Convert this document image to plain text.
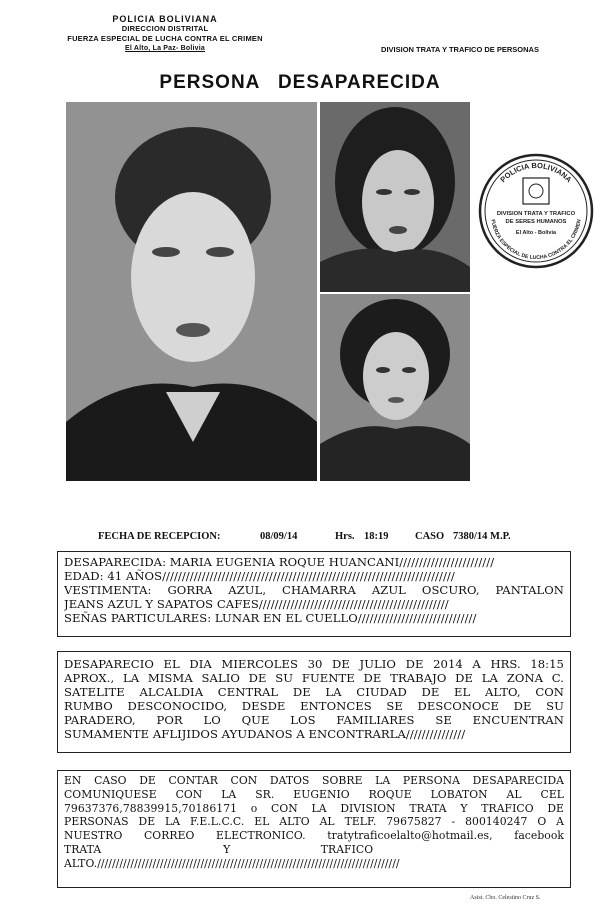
POLICIA BOLIVIANA
DIRECCION DISTRITAL
FUERZA ESPECIAL DE LUCHA CONTRA EL CRIMEN
El Alto, La Paz- Bolivia	DIVISION TRATA Y TRAFICO DE PERSONAS
PERSONA DESAPARECIDA
POLICIA BOLIVIANA
DIVISION TRATA Y TRAFICO
DE SERES HUMANOS
El Alto - Bolivia
FUERZA ESPECIAL DE LUCHA CONTRA EL CRIMEN
FECHA DE RECEPCION:	08/09/14	Hrs. 18:19	CASO 7380/14 M.P.

DESAPARECIDA: MARIA EUGENIA ROQUE HUANCANI////////////////////////

EDAD: 41 AÑOS//////////////////////////////////////////////////////////////////////////

VESTIMENTA: GORRA AZUL, CHAMARRA AZUL OSCURO, PANTALON

JEANS AZUL Y SAPATOS CAFES////////////////////////////////////////////////

SEÑAS PARTICULARES: LUNAR EN EL CUELLO//////////////////////////////

DESAPARECIO EL DIA MIERCOLES 30 DE JULIO DE 2014 A HRS. 18:15

APROX., LA MISMA SALIO DE SU FUENTE DE TRABAJO DE LA ZONA C.

SATELITE ALCALDIA CENTRAL DE LA CIUDAD DE EL ALTO, CON

RUMBO DESCONOCIDO, DESDE ENTONCES SE DESCONOCE DE SU

PARADERO, POR LO QUE LOS FAMILIARES SE ENCUENTRAN

SUMAMENTE AFLIJIDOS AYUDANOS A ENCONTRARLA///////////////

EN CASO DE CONTAR CON DATOS SOBRE LA PERSONA DESAPARECIDA

COMUNIQUESE CON LA SR. EUGENIO ROQUE LOBATON AL CEL

79637376,78839915,70186171 o CON LA DIVISION TRATA Y TRAFICO DE

PERSONAS DE LA F.E.L.C.C. EL ALTO AL TELF. 79675827 - 800140247 O A

NUESTRO CORREO ELECTRONICO. tratytraficoelalto@hotmail.es, facebook

TRATA                                   Y                          TRAFICO

ALTO.//////////////////////////////////////////////////////////////////////////////////

Asist. Cbo. Celestino Cruz S.
